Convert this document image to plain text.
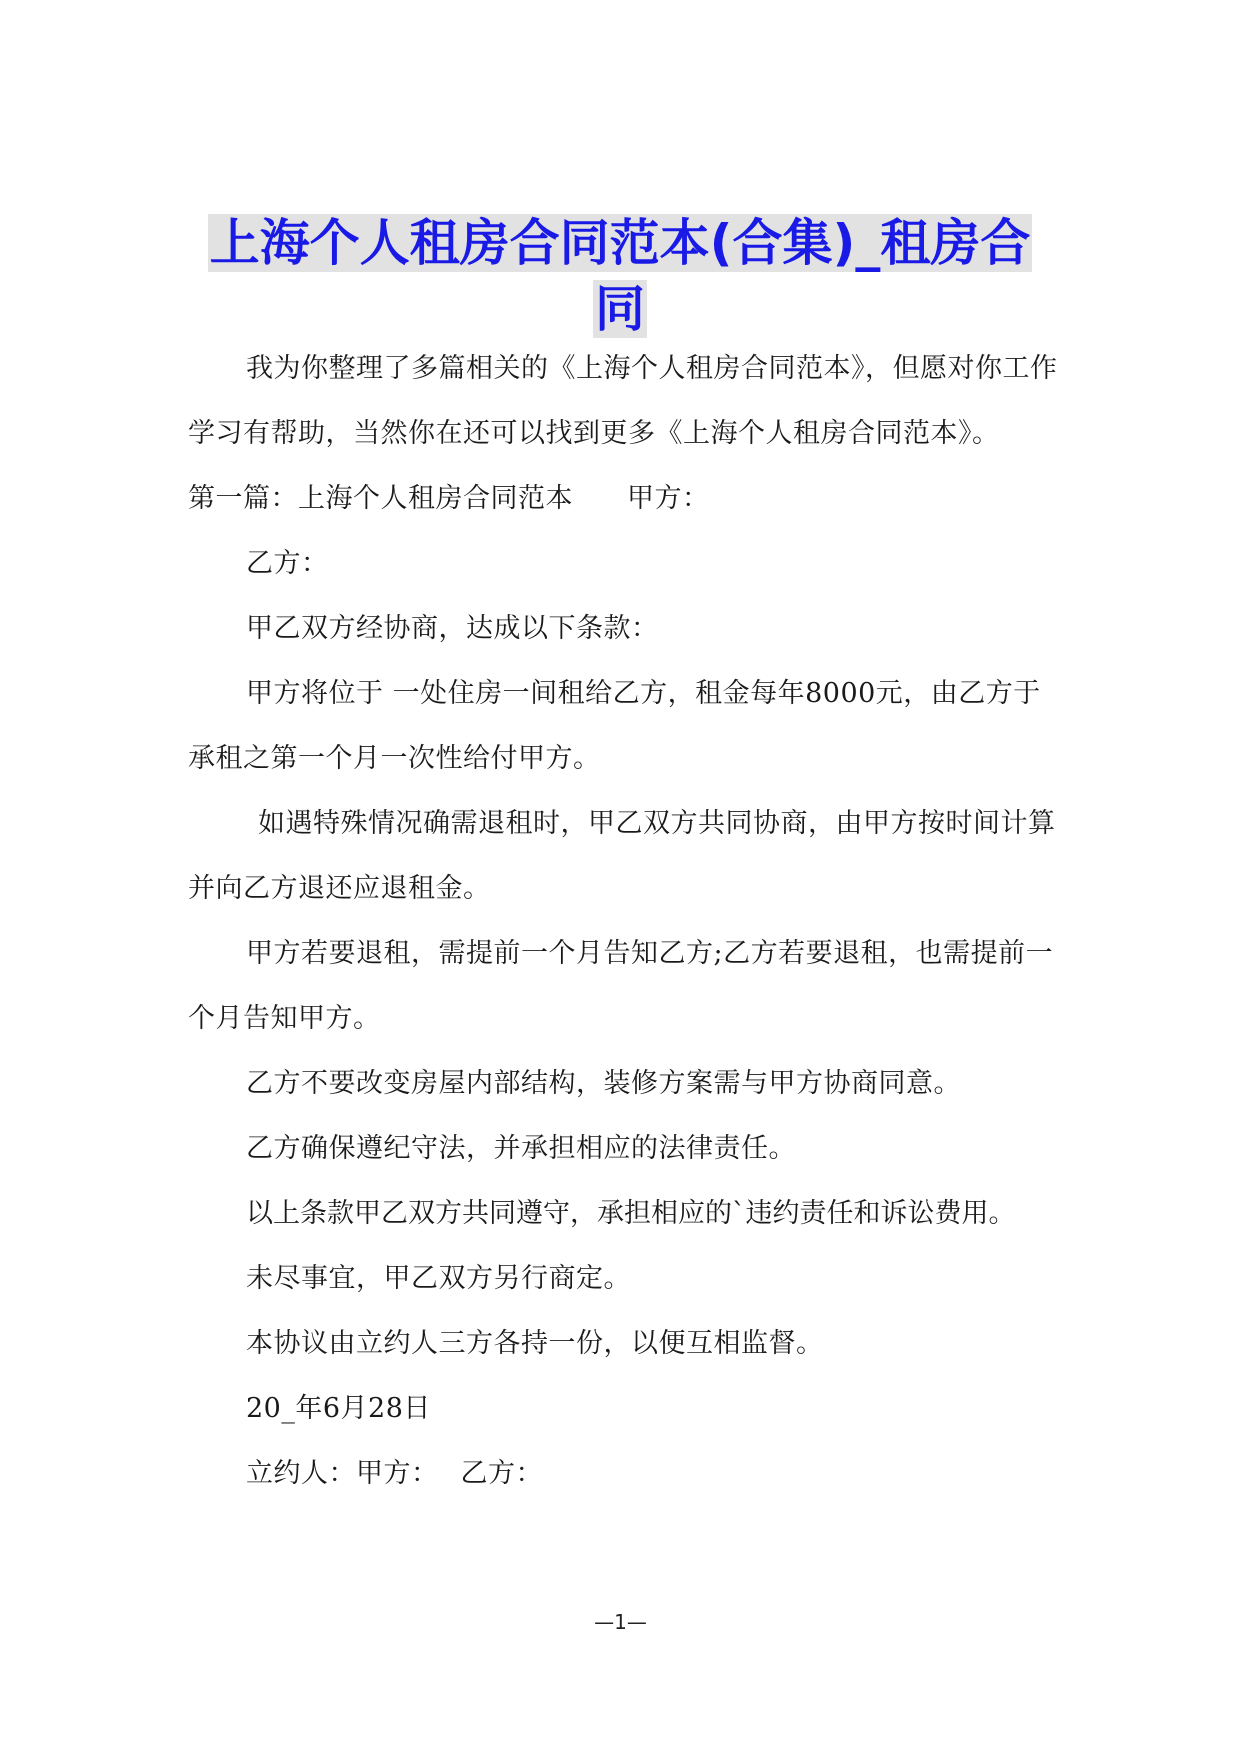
上海个人租房合同范本(合集)_租房合
同

我为你整理了多篇相关的《上海个人租房合同范本》，但愿对你工作学习有帮助，当然你在还可以找到更多《上海个人租房合同范本》。

第一篇：上海个人租房合同范本 甲方：

乙方：

甲乙双方经协商，达成以下条款：

甲方将位于 一处住房一间租给乙方，租金每年8000元，由乙方于承租之第一个月一次性给付甲方。

如遇特殊情况确需退租时，甲乙双方共同协商，由甲方按时间计算并向乙方退还应退租金。

甲方若要退租，需提前一个月告知乙方;乙方若要退租，也需提前一个月告知甲方。

乙方不要改变房屋内部结构，装修方案需与甲方协商同意。

乙方确保遵纪守法，并承担相应的法律责任。

以上条款甲乙双方共同遵守，承担相应的`违约责任和诉讼费用。

未尽事宜，甲乙双方另行商定。

本协议由立约人三方各持一份，以便互相监督。

20_年6月28日

立约人：甲方： 乙方：

—1—
